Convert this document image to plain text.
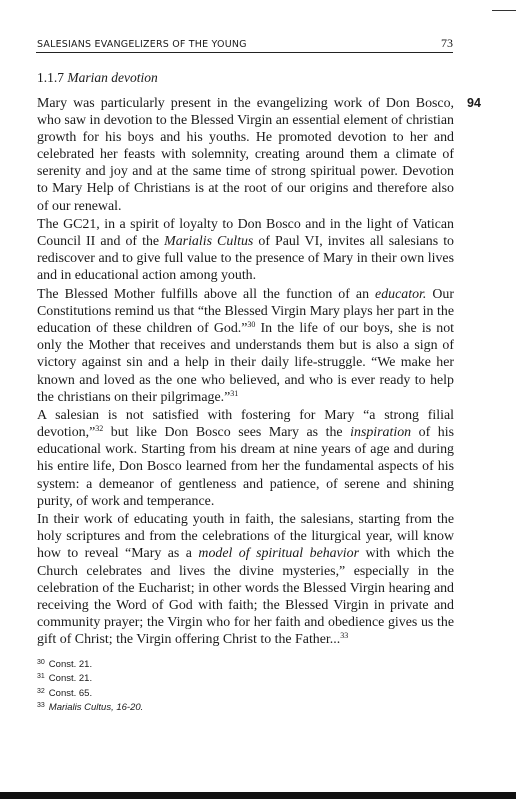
SALESIANS EVANGELIZERS OF THE YOUNG	73
1.1.7 Marian devotion
94

Mary was particularly present in the evangelizing work of Don Bosco, who saw in devotion to the Blessed Virgin an essential element of christian growth for his boys and his youths. He promoted devotion to her and celebrated her feasts with solemnity, creating around them a climate of serenity and joy and at the same time of strong spiritual power. Devotion to Mary Help of Christians is at the root of our origins and therefore also of our renewal.

The GC21, in a spirit of loyalty to Don Bosco and in the light of Vatican Council II and of the Marialis Cultus of Paul VI, invites all salesians to rediscover and to give full value to the presence of Mary in their own lives and in educational action among youth.

The Blessed Mother fulfills above all the function of an educator. Our Constitutions remind us that “the Blessed Virgin Mary plays her part in the education of these children of God.”$^{30}$ In the life of our boys, she is not only the Mother that receives and understands them but is also a sign of victory against sin and a help in their daily life-struggle. “We make her known and loved as the one who believed, and who is ever ready to help the christians on their pilgrimage.”$^{31}$

A salesian is not satisfied with fostering for Mary “a strong filial devotion,”$^{32}$ but like Don Bosco sees Mary as the inspiration of his educational work. Starting from his dream at nine years of age and during his entire life, Don Bosco learned from her the fundamental aspects of his system: a demeanor of gentleness and patience, of serene and shining purity, of work and temperance.

In their work of educating youth in faith, the salesians, starting from the holy scriptures and from the celebrations of the liturgical year, will know how to reveal “Mary as a model of spiritual behavior with which the Church celebrates and lives the divine mysteries,” especially in the celebration of the Eucharist; in other words the Blessed Virgin hearing and receiving the Word of God with faith; the Blessed Virgin in private and community prayer; the Virgin who for her faith and obedience gives us the gift of Christ; the Virgin offering Christ to the Father...$^{33}$

$^{30}$ Const. 21.
$^{31}$ Const. 21.
$^{32}$ Const. 65.
$^{33}$ Marialis Cultus, 16-20.
